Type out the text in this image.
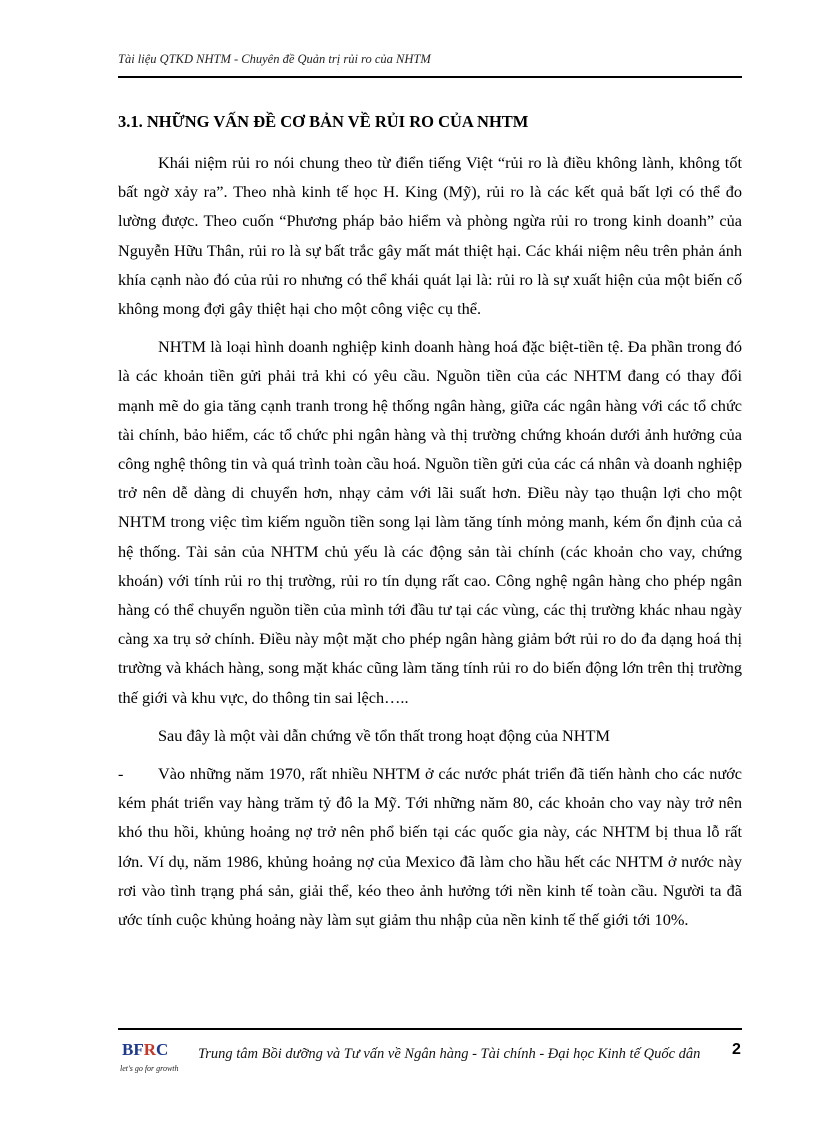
Tài liệu QTKD NHTM - Chuyên đề Quản trị rủi ro của NHTM
3.1. NHỮNG VẤN ĐỀ CƠ BẢN VỀ RỦI RO CỦA NHTM

Khái niệm rủi ro nói chung theo từ điển tiếng Việt “rủi ro là điều không lành, không tốt bất ngờ xảy ra”. Theo nhà kinh tế học H. King (Mỹ), rủi ro là các kết quả bất lợi có thể đo lường được. Theo cuốn “Phương pháp bảo hiểm và phòng ngừa rủi ro trong kinh doanh” của Nguyễn Hữu Thân, rủi ro là sự bất trắc gây mất mát thiệt hại. Các khái niệm nêu trên phản ánh khía cạnh nào đó của rủi ro nhưng có thể khái quát lại là: rủi ro là sự xuất hiện của một biến cố không mong đợi gây thiệt hại cho một công việc cụ thể.

NHTM là loại hình doanh nghiệp kinh doanh hàng hoá đặc biệt-tiền tệ. Đa phần trong đó là các khoản tiền gửi phải trả khi có yêu cầu. Nguồn tiền của các NHTM đang có thay đổi mạnh mẽ do gia tăng cạnh tranh trong hệ thống ngân hàng, giữa các ngân hàng với các tổ chức tài chính, bảo hiểm, các tổ chức phi ngân hàng và thị trường chứng khoán dưới ảnh hưởng của công nghệ thông tin và quá trình toàn cầu hoá. Nguồn tiền gửi của các cá nhân và doanh nghiệp trở nên dễ dàng di chuyển hơn, nhạy cảm với lãi suất hơn. Điều này tạo thuận lợi cho một NHTM trong việc tìm kiếm nguồn tiền song lại làm tăng tính mỏng manh, kém ổn định của cả hệ thống. Tài sản của NHTM chủ yếu là các động sản tài chính (các khoản cho vay, chứng khoán) với tính rủi ro thị trường, rủi ro tín dụng rất cao. Công nghệ ngân hàng cho phép ngân hàng có thể chuyển nguồn tiền của mình tới đầu tư tại các vùng, các thị trường khác nhau ngày càng xa trụ sở chính. Điều này một mặt cho phép ngân hàng giảm bớt rủi ro do đa dạng hoá thị trường và khách hàng, song mặt khác cũng làm tăng tính rủi ro do biến động lớn trên thị trường thế giới và khu vực, do thông tin sai lệch…..

Sau đây là một vài dẫn chứng về tổn thất trong hoạt động của NHTM

- Vào những năm 1970, rất nhiều NHTM ở các nước phát triển đã tiến hành cho các nước kém phát triển vay hàng trăm tỷ đô la Mỹ. Tới những năm 80, các khoản cho vay này trở nên khó thu hồi, khủng hoảng nợ trở nên phổ biến tại các quốc gia này, các NHTM bị thua lỗ rất lớn. Ví dụ, năm 1986, khủng hoảng nợ của Mexico đã làm cho hầu hết các NHTM ở nước này rơi vào tình trạng phá sản, giải thể, kéo theo ảnh hưởng tới nền kinh tế toàn cầu. Người ta đã ước tính cuộc khủng hoảng này làm sụt giảm thu nhập của nền kinh tế thế giới tới 10%.

BFRC
let's go for growth
Trung tâm Bồi dưỡng và Tư vấn về Ngân hàng - Tài chính - Đại học Kinh tế Quốc dân	2
